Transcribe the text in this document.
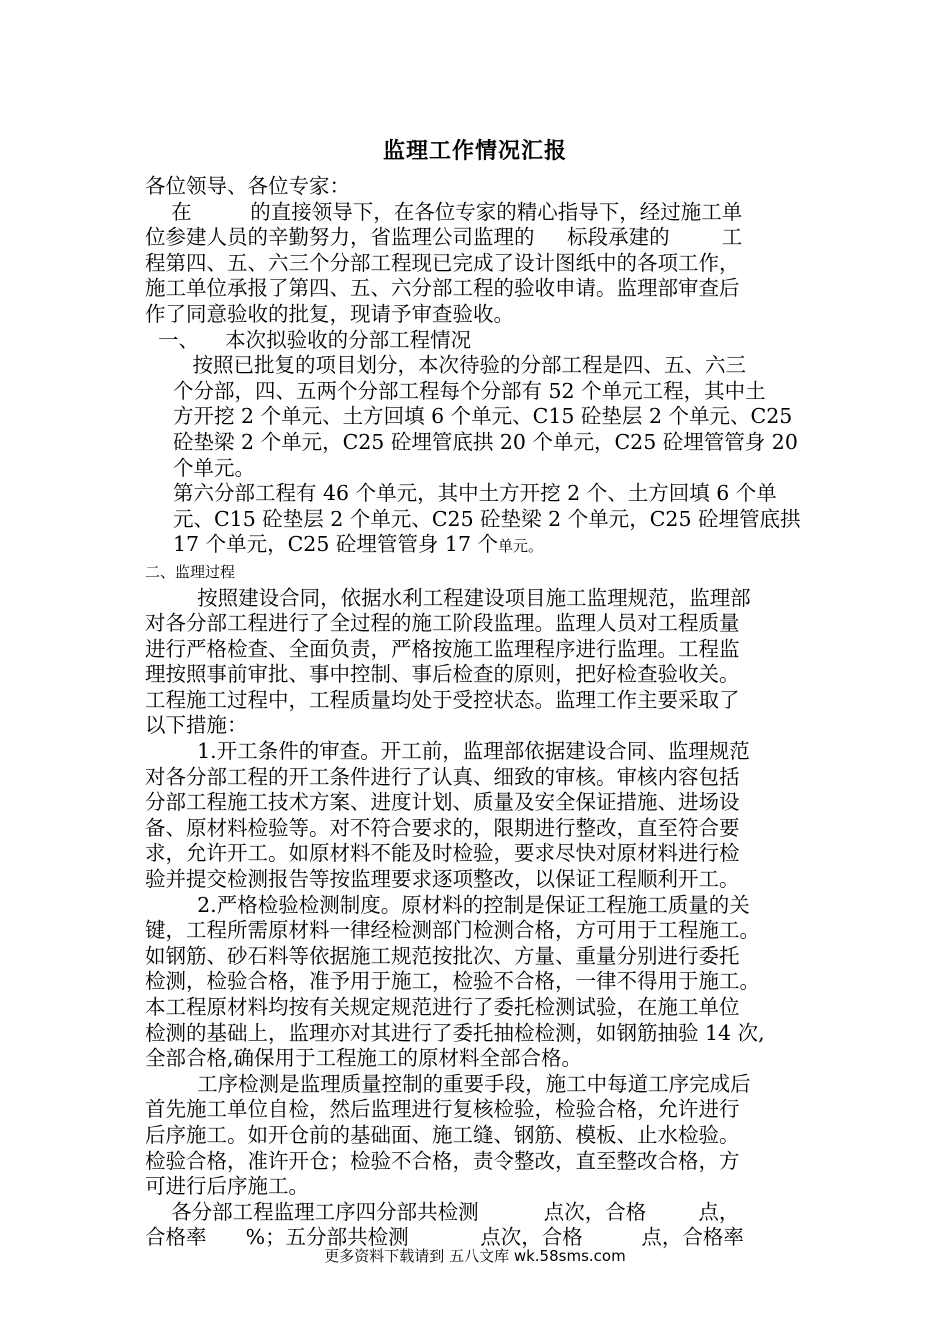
监理工作情况汇报
各位领导、各位专家：
在         的直接领导下，在各位专家的精心指导下，经过施工单
位参建人员的辛勤努力，省监理公司监理的     标段承建的        工
程第四、五、六三个分部工程现已完成了设计图纸中的各项工作，
施工单位承报了第四、五、六分部工程的验收申请。监理部审查后
作了同意验收的批复，现请予审查验收。
一、    本次拟验收的分部工程情况
按照已批复的项目划分，本次待验的分部工程是四、五、六三
个分部，四、五两个分部工程每个分部有 52 个单元工程，其中土
方开挖 2 个单元、土方回填 6 个单元、C15 砼垫层 2 个单元、C25
砼垫梁 2 个单元，C25 砼埋管底拱 20 个单元，C25 砼埋管管身 20
个单元。
第六分部工程有 46 个单元，其中土方开挖 2 个、土方回填 6 个单
元、C15 砼垫层 2 个单元、C25 砼垫梁 2 个单元，C25 砼埋管底拱
17 个单元，C25 砼埋管管身 17 个单元。
二、监理过程
按照建设合同，依据水利工程建设项目施工监理规范，监理部
对各分部工程进行了全过程的施工阶段监理。监理人员对工程质量
进行严格检查、全面负责，严格按施工监理程序进行监理。工程监
理按照事前审批、事中控制、事后检查的原则，把好检查验收关。
工程施工过程中，工程质量均处于受控状态。监理工作主要采取了
以下措施：
1.开工条件的审查。开工前，监理部依据建设合同、监理规范
对各分部工程的开工条件进行了认真、细致的审核。审核内容包括
分部工程施工技术方案、进度计划、质量及安全保证措施、进场设
备、原材料检验等。对不符合要求的，限期进行整改，直至符合要
求，允许开工。如原材料不能及时检验，要求尽快对原材料进行检
验并提交检测报告等按监理要求逐项整改，以保证工程顺利开工。
2.严格检验检测制度。原材料的控制是保证工程施工质量的关
键，工程所需原材料一律经检测部门检测合格，方可用于工程施工。
如钢筋、砂石料等依据施工规范按批次、方量、重量分别进行委托
检测，检验合格，准予用于施工，检验不合格，一律不得用于施工。
本工程原材料均按有关规定规范进行了委托检测试验，在施工单位
检测的基础上，监理亦对其进行了委托抽检检测，如钢筋抽验 14 次,
全部合格,确保用于工程施工的原材料全部合格。
工序检测是监理质量控制的重要手段，施工中每道工序完成后
首先施工单位自检，然后监理进行复核检验，检验合格，允许进行
后序施工。如开仓前的基础面、施工缝、钢筋、模板、止水检验。
检验合格，准许开仓；检验不合格，责令整改，直至整改合格，方
可进行后序施工。
各分部工程监理工序四分部共检测          点次，合格        点，
合格率      %；五分部共检测           点次，合格         点，合格率
更多资料下载请到 五八文库 wk.58sms.com
